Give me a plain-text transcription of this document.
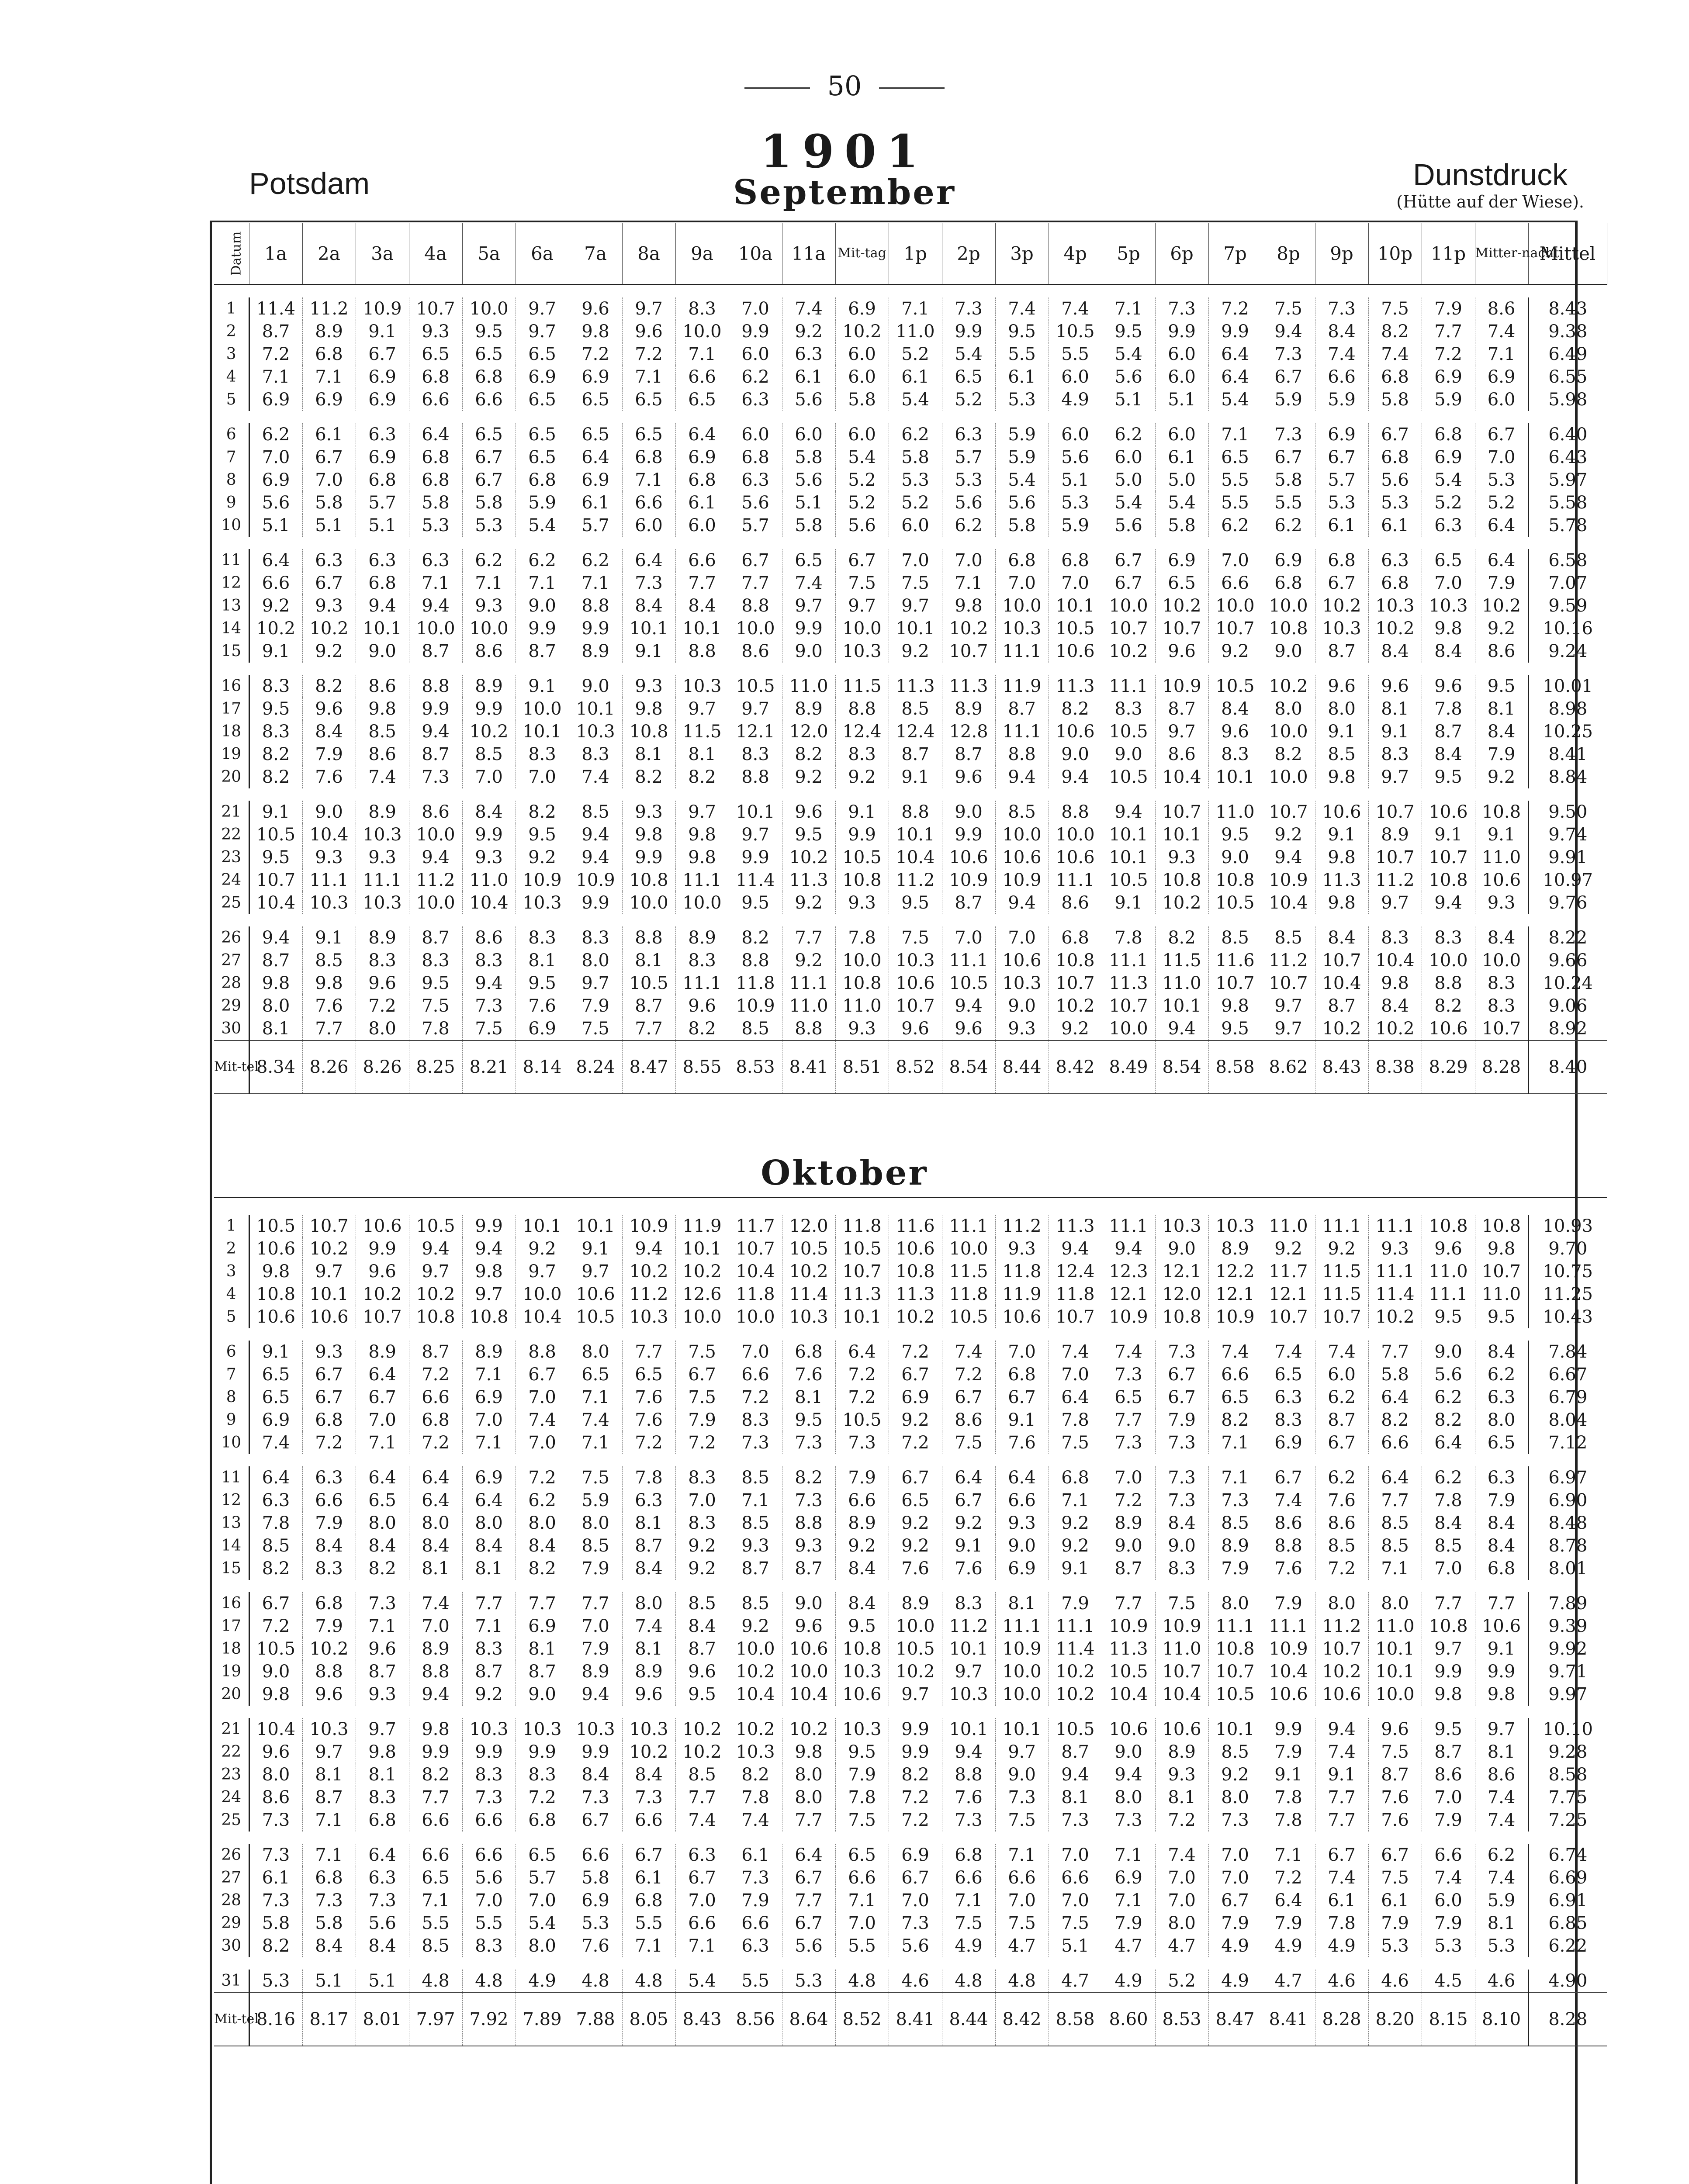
50
1901
Potsdam	September	Dunstdruck
(Hütte auf der Wiese).
Datum	1a	2a	3a	4a	5a	6a	7a	8a	9a	10a	11a	Mit-tag	1p	2p	3p	4p	5p	6p	7p	8p	9p	10p	11p	Mitter-nacht	Mittel

1	11.4	11.2	10.9	10.7	10.0	9.7	9.6	9.7	8.3	7.0	7.4	6.9	7.1	7.3	7.4	7.4	7.1	7.3	7.2	7.5	7.3	7.5	7.9	8.6	8.43
2	8.7	8.9	9.1	9.3	9.5	9.7	9.8	9.6	10.0	9.9	9.2	10.2	11.0	9.9	9.5	10.5	9.5	9.9	9.9	9.4	8.4	8.2	7.7	7.4	9.38
3	7.2	6.8	6.7	6.5	6.5	6.5	7.2	7.2	7.1	6.0	6.3	6.0	5.2	5.4	5.5	5.5	5.4	6.0	6.4	7.3	7.4	7.4	7.2	7.1	6.49
4	7.1	7.1	6.9	6.8	6.8	6.9	6.9	7.1	6.6	6.2	6.1	6.0	6.1	6.5	6.1	6.0	5.6	6.0	6.4	6.7	6.6	6.8	6.9	6.9	6.55
5	6.9	6.9	6.9	6.6	6.6	6.5	6.5	6.5	6.5	6.3	5.6	5.8	5.4	5.2	5.3	4.9	5.1	5.1	5.4	5.9	5.9	5.8	5.9	6.0	5.98

6	6.2	6.1	6.3	6.4	6.5	6.5	6.5	6.5	6.4	6.0	6.0	6.0	6.2	6.3	5.9	6.0	6.2	6.0	7.1	7.3	6.9	6.7	6.8	6.7	6.40
7	7.0	6.7	6.9	6.8	6.7	6.5	6.4	6.8	6.9	6.8	5.8	5.4	5.8	5.7	5.9	5.6	6.0	6.1	6.5	6.7	6.7	6.8	6.9	7.0	6.43
8	6.9	7.0	6.8	6.8	6.7	6.8	6.9	7.1	6.8	6.3	5.6	5.2	5.3	5.3	5.4	5.1	5.0	5.0	5.5	5.8	5.7	5.6	5.4	5.3	5.97
9	5.6	5.8	5.7	5.8	5.8	5.9	6.1	6.6	6.1	5.6	5.1	5.2	5.2	5.6	5.6	5.3	5.4	5.4	5.5	5.5	5.3	5.3	5.2	5.2	5.58
10	5.1	5.1	5.1	5.3	5.3	5.4	5.7	6.0	6.0	5.7	5.8	5.6	6.0	6.2	5.8	5.9	5.6	5.8	6.2	6.2	6.1	6.1	6.3	6.4	5.78

11	6.4	6.3	6.3	6.3	6.2	6.2	6.2	6.4	6.6	6.7	6.5	6.7	7.0	7.0	6.8	6.8	6.7	6.9	7.0	6.9	6.8	6.3	6.5	6.4	6.58
12	6.6	6.7	6.8	7.1	7.1	7.1	7.1	7.3	7.7	7.7	7.4	7.5	7.5	7.1	7.0	7.0	6.7	6.5	6.6	6.8	6.7	6.8	7.0	7.9	7.07
13	9.2	9.3	9.4	9.4	9.3	9.0	8.8	8.4	8.4	8.8	9.7	9.7	9.7	9.8	10.0	10.1	10.0	10.2	10.0	10.0	10.2	10.3	10.3	10.2	9.59
14	10.2	10.2	10.1	10.0	10.0	9.9	9.9	10.1	10.1	10.0	9.9	10.0	10.1	10.2	10.3	10.5	10.7	10.7	10.7	10.8	10.3	10.2	9.8	9.2	10.16
15	9.1	9.2	9.0	8.7	8.6	8.7	8.9	9.1	8.8	8.6	9.0	10.3	9.2	10.7	11.1	10.6	10.2	9.6	9.2	9.0	8.7	8.4	8.4	8.6	9.24

16	8.3	8.2	8.6	8.8	8.9	9.1	9.0	9.3	10.3	10.5	11.0	11.5	11.3	11.3	11.9	11.3	11.1	10.9	10.5	10.2	9.6	9.6	9.6	9.5	10.01
17	9.5	9.6	9.8	9.9	9.9	10.0	10.1	9.8	9.7	9.7	8.9	8.8	8.5	8.9	8.7	8.2	8.3	8.7	8.4	8.0	8.0	8.1	7.8	8.1	8.98
18	8.3	8.4	8.5	9.4	10.2	10.1	10.3	10.8	11.5	12.1	12.0	12.4	12.4	12.8	11.1	10.6	10.5	9.7	9.6	10.0	9.1	9.1	8.7	8.4	10.25
19	8.2	7.9	8.6	8.7	8.5	8.3	8.3	8.1	8.1	8.3	8.2	8.3	8.7	8.7	8.8	9.0	9.0	8.6	8.3	8.2	8.5	8.3	8.4	7.9	8.41
20	8.2	7.6	7.4	7.3	7.0	7.0	7.4	8.2	8.2	8.8	9.2	9.2	9.1	9.6	9.4	9.4	10.5	10.4	10.1	10.0	9.8	9.7	9.5	9.2	8.84

21	9.1	9.0	8.9	8.6	8.4	8.2	8.5	9.3	9.7	10.1	9.6	9.1	8.8	9.0	8.5	8.8	9.4	10.7	11.0	10.7	10.6	10.7	10.6	10.8	9.50
22	10.5	10.4	10.3	10.0	9.9	9.5	9.4	9.8	9.8	9.7	9.5	9.9	10.1	9.9	10.0	10.0	10.1	10.1	9.5	9.2	9.1	8.9	9.1	9.1	9.74
23	9.5	9.3	9.3	9.4	9.3	9.2	9.4	9.9	9.8	9.9	10.2	10.5	10.4	10.6	10.6	10.6	10.1	9.3	9.0	9.4	9.8	10.7	10.7	11.0	9.91
24	10.7	11.1	11.1	11.2	11.0	10.9	10.9	10.8	11.1	11.4	11.3	10.8	11.2	10.9	10.9	11.1	10.5	10.8	10.8	10.9	11.3	11.2	10.8	10.6	10.97
25	10.4	10.3	10.3	10.0	10.4	10.3	9.9	10.0	10.0	9.5	9.2	9.3	9.5	8.7	9.4	8.6	9.1	10.2	10.5	10.4	9.8	9.7	9.4	9.3	9.76

26	9.4	9.1	8.9	8.7	8.6	8.3	8.3	8.8	8.9	8.2	7.7	7.8	7.5	7.0	7.0	6.8	7.8	8.2	8.5	8.5	8.4	8.3	8.3	8.4	8.22
27	8.7	8.5	8.3	8.3	8.3	8.1	8.0	8.1	8.3	8.8	9.2	10.0	10.3	11.1	10.6	10.8	11.1	11.5	11.6	11.2	10.7	10.4	10.0	10.0	9.66
28	9.8	9.8	9.6	9.5	9.4	9.5	9.7	10.5	11.1	11.8	11.1	10.8	10.6	10.5	10.3	10.7	11.3	11.0	10.7	10.7	10.4	9.8	8.8	8.3	10.24
29	8.0	7.6	7.2	7.5	7.3	7.6	7.9	8.7	9.6	10.9	11.0	11.0	10.7	9.4	9.0	10.2	10.7	10.1	9.8	9.7	8.7	8.4	8.2	8.3	9.06
30	8.1	7.7	8.0	7.8	7.5	6.9	7.5	7.7	8.2	8.5	8.8	9.3	9.6	9.6	9.3	9.2	10.0	9.4	9.5	9.7	10.2	10.2	10.6	10.7	8.92
Mit-tel	8.34	8.26	8.26	8.25	8.21	8.14	8.24	8.47	8.55	8.53	8.41	8.51	8.52	8.54	8.44	8.42	8.49	8.54	8.58	8.62	8.43	8.38	8.29	8.28	8.40

Oktober

1	10.5	10.7	10.6	10.5	9.9	10.1	10.1	10.9	11.9	11.7	12.0	11.8	11.6	11.1	11.2	11.3	11.1	10.3	10.3	11.0	11.1	11.1	10.8	10.8	10.93
2	10.6	10.2	9.9	9.4	9.4	9.2	9.1	9.4	10.1	10.7	10.5	10.5	10.6	10.0	9.3	9.4	9.4	9.0	8.9	9.2	9.2	9.3	9.6	9.8	9.70
3	9.8	9.7	9.6	9.7	9.8	9.7	9.7	10.2	10.2	10.4	10.2	10.7	10.8	11.5	11.8	12.4	12.3	12.1	12.2	11.7	11.5	11.1	11.0	10.7	10.75
4	10.8	10.1	10.2	10.2	9.7	10.0	10.6	11.2	12.6	11.8	11.4	11.3	11.3	11.8	11.9	11.8	12.1	12.0	12.1	12.1	11.5	11.4	11.1	11.0	11.25
5	10.6	10.6	10.7	10.8	10.8	10.4	10.5	10.3	10.0	10.0	10.3	10.1	10.2	10.5	10.6	10.7	10.9	10.8	10.9	10.7	10.7	10.2	9.5	9.5	10.43

6	9.1	9.3	8.9	8.7	8.9	8.8	8.0	7.7	7.5	7.0	6.8	6.4	7.2	7.4	7.0	7.4	7.4	7.3	7.4	7.4	7.4	7.7	9.0	8.4	7.84
7	6.5	6.7	6.4	7.2	7.1	6.7	6.5	6.5	6.7	6.6	7.6	7.2	6.7	7.2	6.8	7.0	7.3	6.7	6.6	6.5	6.0	5.8	5.6	6.2	6.67
8	6.5	6.7	6.7	6.6	6.9	7.0	7.1	7.6	7.5	7.2	8.1	7.2	6.9	6.7	6.7	6.4	6.5	6.7	6.5	6.3	6.2	6.4	6.2	6.3	6.79
9	6.9	6.8	7.0	6.8	7.0	7.4	7.4	7.6	7.9	8.3	9.5	10.5	9.2	8.6	9.1	7.8	7.7	7.9	8.2	8.3	8.7	8.2	8.2	8.0	8.04
10	7.4	7.2	7.1	7.2	7.1	7.0	7.1	7.2	7.2	7.3	7.3	7.3	7.2	7.5	7.6	7.5	7.3	7.3	7.1	6.9	6.7	6.6	6.4	6.5	7.12

11	6.4	6.3	6.4	6.4	6.9	7.2	7.5	7.8	8.3	8.5	8.2	7.9	6.7	6.4	6.4	6.8	7.0	7.3	7.1	6.7	6.2	6.4	6.2	6.3	6.97
12	6.3	6.6	6.5	6.4	6.4	6.2	5.9	6.3	7.0	7.1	7.3	6.6	6.5	6.7	6.6	7.1	7.2	7.3	7.3	7.4	7.6	7.7	7.8	7.9	6.90
13	7.8	7.9	8.0	8.0	8.0	8.0	8.0	8.1	8.3	8.5	8.8	8.9	9.2	9.2	9.3	9.2	8.9	8.4	8.5	8.6	8.6	8.5	8.4	8.4	8.48
14	8.5	8.4	8.4	8.4	8.4	8.4	8.5	8.7	9.2	9.3	9.3	9.2	9.2	9.1	9.0	9.2	9.0	9.0	8.9	8.8	8.5	8.5	8.5	8.4	8.78
15	8.2	8.3	8.2	8.1	8.1	8.2	7.9	8.4	9.2	8.7	8.7	8.4	7.6	7.6	6.9	9.1	8.7	8.3	7.9	7.6	7.2	7.1	7.0	6.8	8.01

16	6.7	6.8	7.3	7.4	7.7	7.7	7.7	8.0	8.5	8.5	9.0	8.4	8.9	8.3	8.1	7.9	7.7	7.5	8.0	7.9	8.0	8.0	7.7	7.7	7.89
17	7.2	7.9	7.1	7.0	7.1	6.9	7.0	7.4	8.4	9.2	9.6	9.5	10.0	11.2	11.1	11.1	10.9	10.9	11.1	11.1	11.2	11.0	10.8	10.6	9.39
18	10.5	10.2	9.6	8.9	8.3	8.1	7.9	8.1	8.7	10.0	10.6	10.8	10.5	10.1	10.9	11.4	11.3	11.0	10.8	10.9	10.7	10.1	9.7	9.1	9.92
19	9.0	8.8	8.7	8.8	8.7	8.7	8.9	8.9	9.6	10.2	10.0	10.3	10.2	9.7	10.0	10.2	10.5	10.7	10.7	10.4	10.2	10.1	9.9	9.9	9.71
20	9.8	9.6	9.3	9.4	9.2	9.0	9.4	9.6	9.5	10.4	10.4	10.6	9.7	10.3	10.0	10.2	10.4	10.4	10.5	10.6	10.6	10.0	9.8	9.8	9.97

21	10.4	10.3	9.7	9.8	10.3	10.3	10.3	10.3	10.2	10.2	10.2	10.3	9.9	10.1	10.1	10.5	10.6	10.6	10.1	9.9	9.4	9.6	9.5	9.7	10.10
22	9.6	9.7	9.8	9.9	9.9	9.9	9.9	10.2	10.2	10.3	9.8	9.5	9.9	9.4	9.7	8.7	9.0	8.9	8.5	7.9	7.4	7.5	8.7	8.1	9.28
23	8.0	8.1	8.1	8.2	8.3	8.3	8.4	8.4	8.5	8.2	8.0	7.9	8.2	8.8	9.0	9.4	9.4	9.3	9.2	9.1	9.1	8.7	8.6	8.6	8.58
24	8.6	8.7	8.3	7.7	7.3	7.2	7.3	7.3	7.7	7.8	8.0	7.8	7.2	7.6	7.3	8.1	8.0	8.1	8.0	7.8	7.7	7.6	7.0	7.4	7.75
25	7.3	7.1	6.8	6.6	6.6	6.8	6.7	6.6	7.4	7.4	7.7	7.5	7.2	7.3	7.5	7.3	7.3	7.2	7.3	7.8	7.7	7.6	7.9	7.4	7.25

26	7.3	7.1	6.4	6.6	6.6	6.5	6.6	6.7	6.3	6.1	6.4	6.5	6.9	6.8	7.1	7.0	7.1	7.4	7.0	7.1	6.7	6.7	6.6	6.2	6.74
27	6.1	6.8	6.3	6.5	5.6	5.7	5.8	6.1	6.7	7.3	6.7	6.6	6.7	6.6	6.6	6.6	6.9	7.0	7.0	7.2	7.4	7.5	7.4	7.4	6.69
28	7.3	7.3	7.3	7.1	7.0	7.0	6.9	6.8	7.0	7.9	7.7	7.1	7.0	7.1	7.0	7.0	7.1	7.0	6.7	6.4	6.1	6.1	6.0	5.9	6.91
29	5.8	5.8	5.6	5.5	5.5	5.4	5.3	5.5	6.6	6.6	6.7	7.0	7.3	7.5	7.5	7.5	7.9	8.0	7.9	7.9	7.8	7.9	7.9	8.1	6.85
30	8.2	8.4	8.4	8.5	8.3	8.0	7.6	7.1	7.1	6.3	5.6	5.5	5.6	4.9	4.7	5.1	4.7	4.7	4.9	4.9	4.9	5.3	5.3	5.3	6.22

31	5.3	5.1	5.1	4.8	4.8	4.9	4.8	4.8	5.4	5.5	5.3	4.8	4.6	4.8	4.8	4.7	4.9	5.2	4.9	4.7	4.6	4.6	4.5	4.6	4.90
Mit-tel	8.16	8.17	8.01	7.97	7.92	7.89	7.88	8.05	8.43	8.56	8.64	8.52	8.41	8.44	8.42	8.58	8.60	8.53	8.47	8.41	8.28	8.20	8.15	8.10	8.28
